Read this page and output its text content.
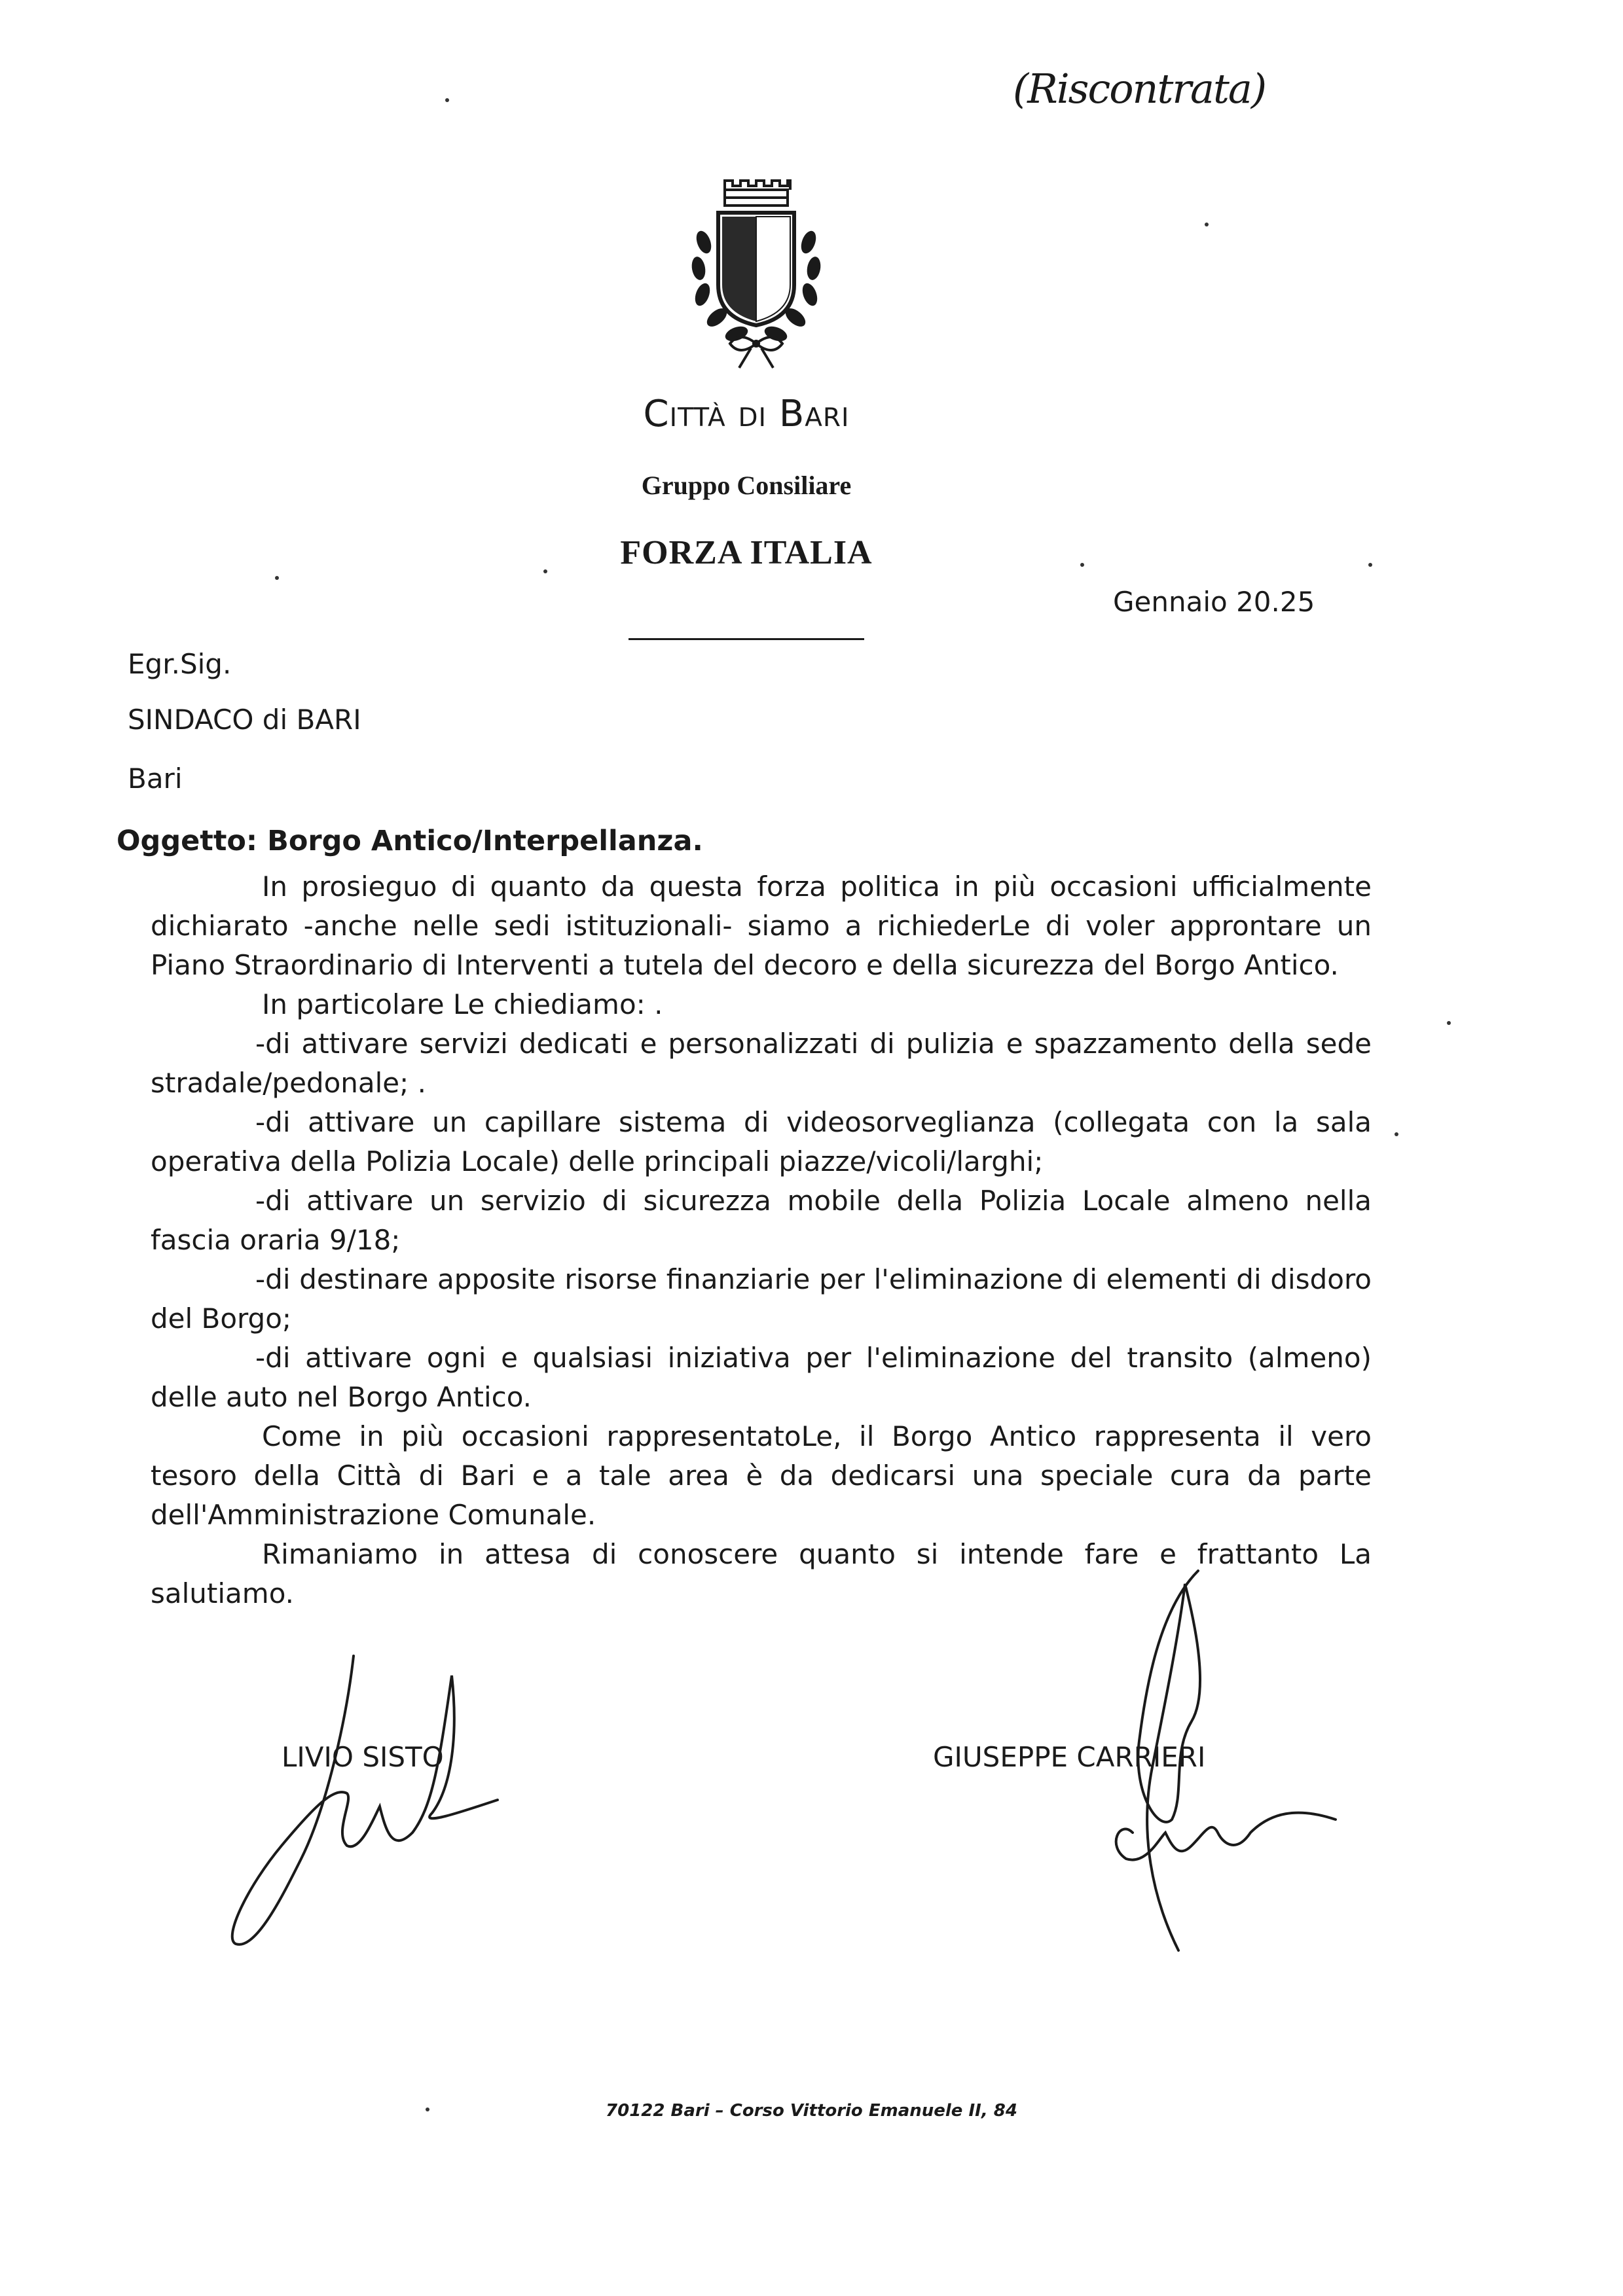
(Riscontrata)
Città di Bari
Gruppo Consiliare
FORZA ITALIA
Gennaio 20.25
Egr.Sig.
SINDACO di BARI
Bari
Oggetto: Borgo Antico/Interpellanza.

In prosieguo di quanto da questa forza politica in più occasioni ufficialmente dichiarato -anche nelle sedi istituzionali- siamo a richiederLe di voler approntare un Piano Straordinario di Interventi a tutela del decoro e della sicurezza del Borgo Antico.

In particolare Le chiediamo: .

-di attivare servizi dedicati e personalizzati di pulizia e spazzamento della sede stradale/pedonale; .

-di attivare un capillare sistema di videosorveglianza (collegata con la sala operativa della Polizia Locale) delle principali piazze/vicoli/larghi;

-di attivare un servizio di sicurezza mobile della Polizia Locale almeno nella fascia oraria 9/18;

-di destinare apposite risorse finanziarie per l'eliminazione di elementi di disdoro del Borgo;

-di attivare ogni e qualsiasi iniziativa per l'eliminazione del transito (almeno) delle auto nel Borgo Antico.

Come in più occasioni rappresentatoLe, il Borgo Antico rappresenta il vero tesoro della Città di Bari e a tale area è da dedicarsi una speciale cura da parte dell'Amministrazione Comunale.

Rimaniamo in attesa di conoscere quanto si intende fare e frattanto La salutiamo.

LIVIO SISTO	GIUSEPPE CARRIERI
70122 Bari – Corso Vittorio Emanuele II, 84
